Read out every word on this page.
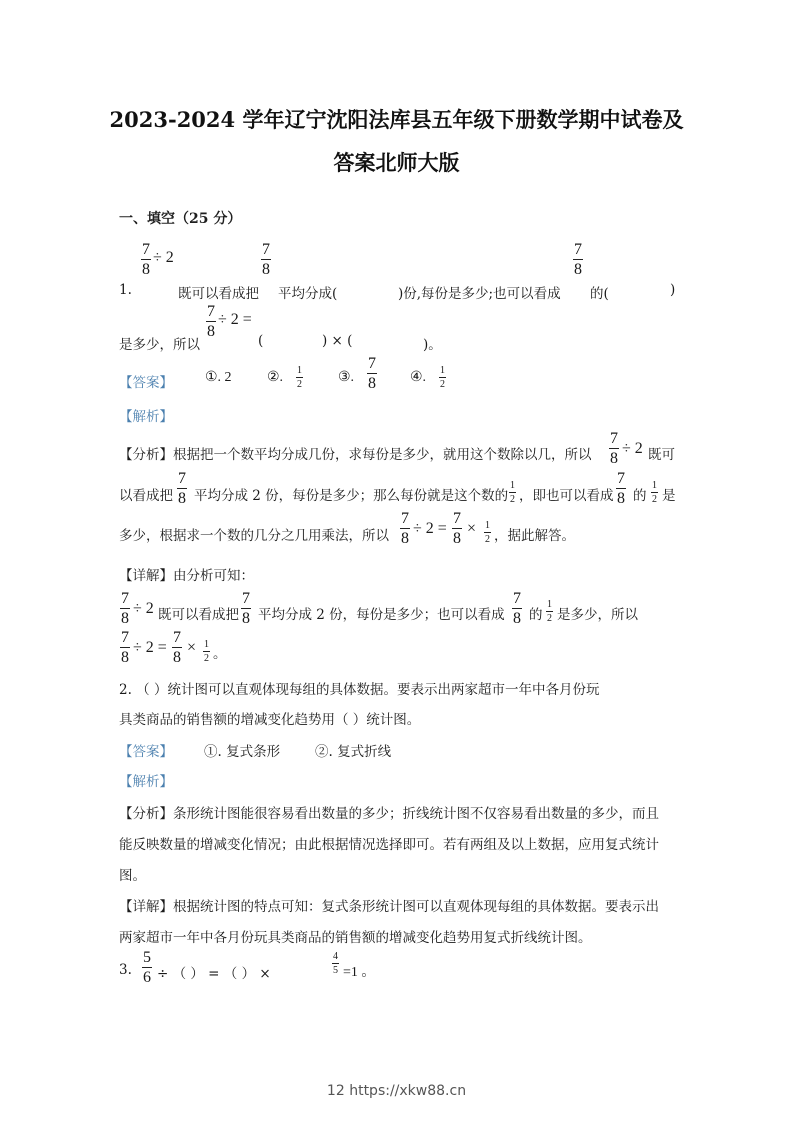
2023-2024 学年辽宁沈阳法库县五年级下册数学期中试卷及
答案北师大版
一、填空（25 分）
1.
$\frac{7}{8} \div 2$
既可以看成把
$\frac{7}{8}$
平均分成(	)份,每份是多少;也可以看成
$\frac{7}{8}$
的(	)
是多少，所以
$\frac{7}{8} \div 2$ =
(	) × (	)。
【答案】 ①. 2	②. $\frac{1}{2}$	③. $\frac{7}{8}$ ④. $\frac{1}{2}$
【解析】
【分析】根据把一个数平均分成几份，求每份是多少，就用这个数除以几，所以 $\frac{7}{8} \div 2$ 既可
以看成把 $\frac{7}{8}$ 平均分成 2 份，每份是多少；那么每份就是这个数的 $\frac{1}{2}$ ，即也可以看成 $\frac{7}{8}$ 的 $\frac{1}{2}$ 是
多少，根据求一个数的几分之几用乘法，所以 $\frac{7}{8} \div 2 = \frac{7}{8} \times \frac{1}{2}$ ，据此解答。
【详解】由分析可知：
$\frac{7}{8} \div 2$ 既可以看成把 $\frac{7}{8}$ 平均分成 2 份，每份是多少；也可以看成 $\frac{7}{8}$ 的 $\frac{1}{2}$ 是多少，所以
$\frac{7}{8} \div 2 = \frac{7}{8} \times \frac{1}{2}$ 。
2. （ ）统计图可以直观体现每组的具体数据。要表示出两家超市一年中各月份玩
具类商品的销售额的增减变化趋势用（ ）统计图。
【答案】 ①. 复式条形	②. 复式折线
【解析】
【分析】条形统计图能很容易看出数量的多少；折线统计图不仅容易看出数量的多少，而且
能反映数量的增减变化情况；由此根据情况选择即可。若有两组及以上数据，应用复式统计
图。
【详解】根据统计图的特点可知：复式条形统计图可以直观体现每组的具体数据。要表示出
两家超市一年中各月份玩具类商品的销售额的增减变化趋势用复式折线统计图。
3. $\frac{5}{6}$ ÷ （ ） = （ ） ×	$\frac{4}{5} =1$ 。
12 https://xkw88.cn
